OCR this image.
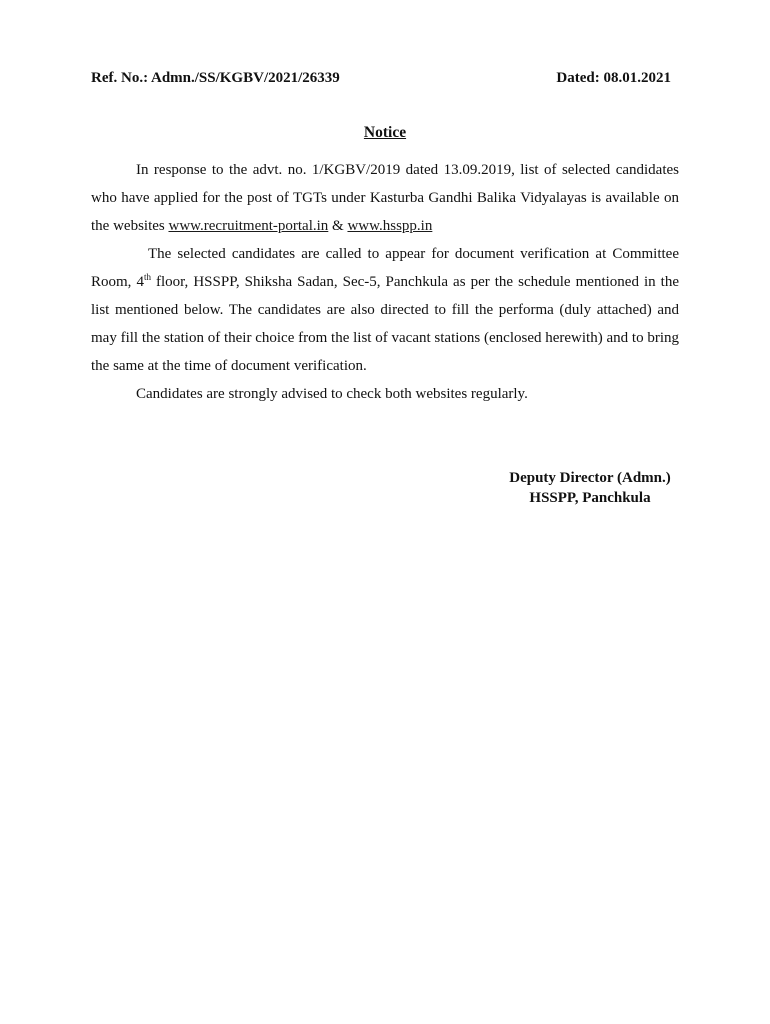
Ref. No.: Admn./SS/KGBV/2021/26339	Dated: 08.01.2021
Notice

In response to the advt. no. 1/KGBV/2019 dated 13.09.2019, list of selected candidates who have applied for the post of TGTs under Kasturba Gandhi Balika Vidyalayas is available on the websites www.recruitment-portal.in & www.hsspp.in

The selected candidates are called to appear for document verification at Committee Room, 4th floor, HSSPP, Shiksha Sadan, Sec-5, Panchkula as per the schedule mentioned in the list mentioned below. The candidates are also directed to fill the performa (duly attached) and may fill the station of their choice from the list of vacant stations (enclosed herewith) and to bring the same at the time of document verification.

Candidates are strongly advised to check both websites regularly.

Deputy Director (Admn.)
HSSPP, Panchkula
